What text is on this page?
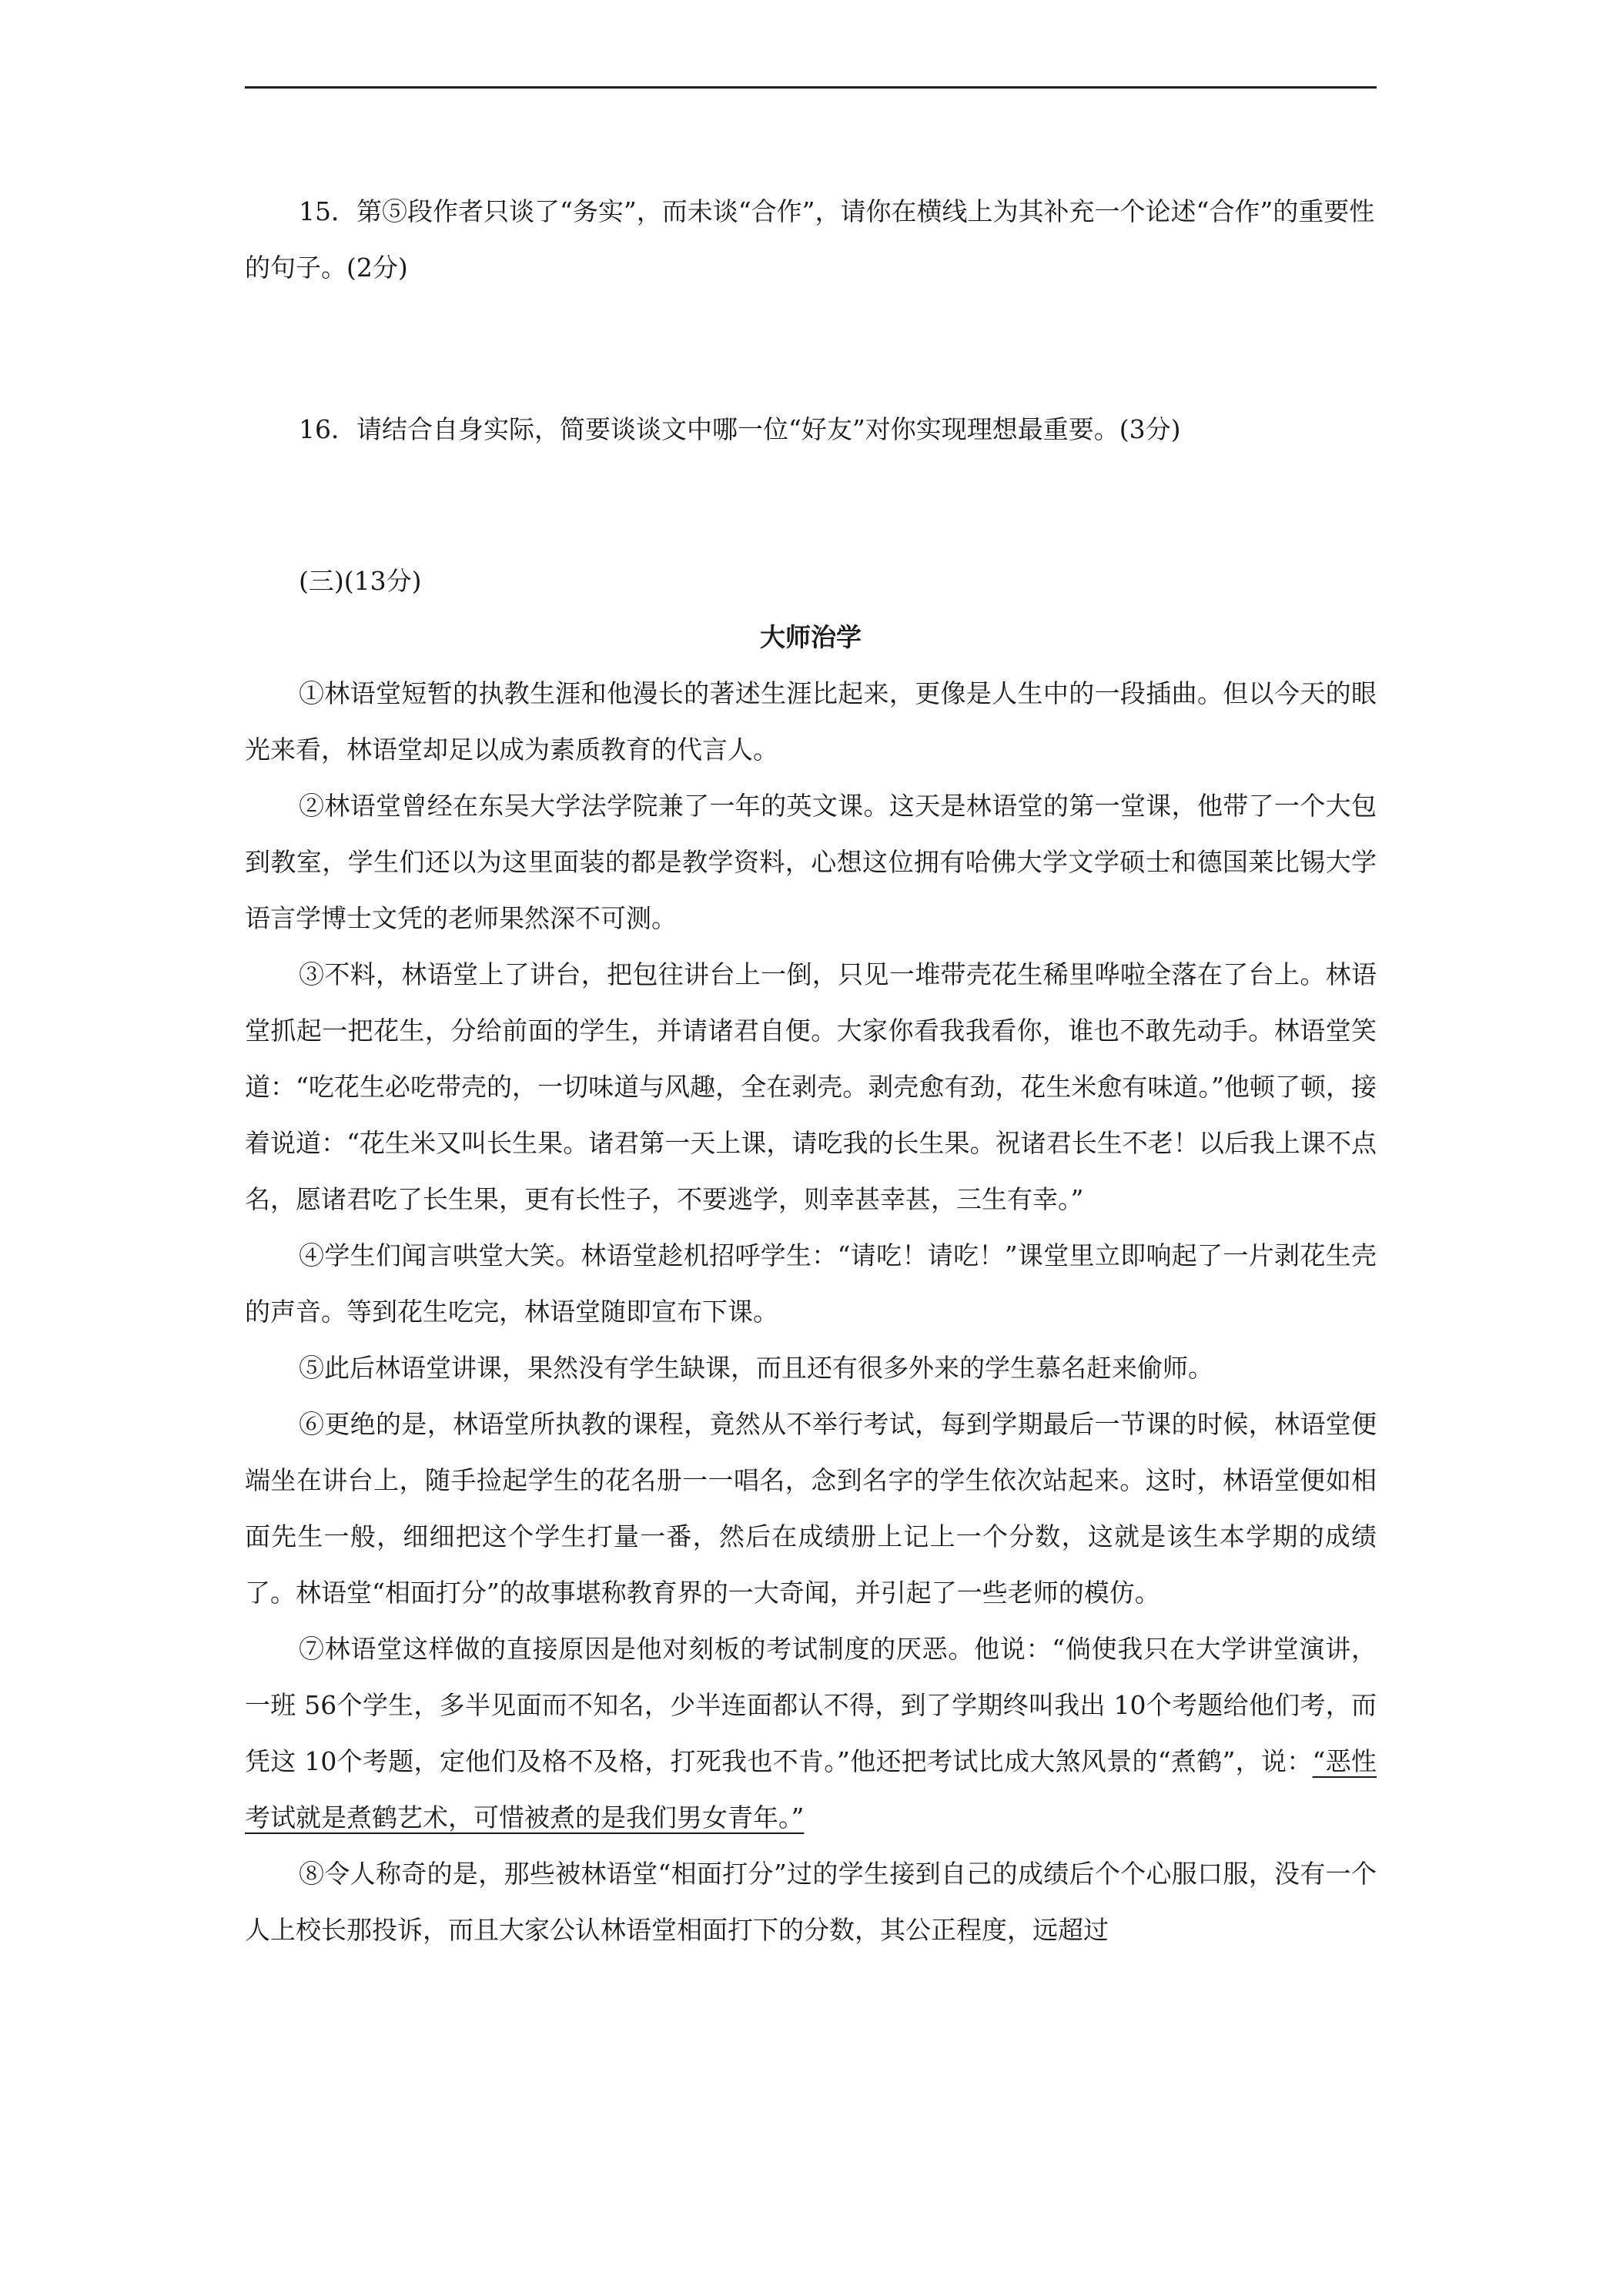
15．第⑤段作者只谈了“务实”，而未谈“合作”，请你在横线上为其补充一个论述“合作”的重要性的句子。(2分)

16．请结合自身实际，简要谈谈文中哪一位“好友”对你实现理想最重要。(3分)

(三)(13分)

大师治学

①林语堂短暂的执教生涯和他漫长的著述生涯比起来，更像是人生中的一段插曲。但以今天的眼光来看，林语堂却足以成为素质教育的代言人。

②林语堂曾经在东吴大学法学院兼了一年的英文课。这天是林语堂的第一堂课，他带了一个大包到教室，学生们还以为这里面装的都是教学资料，心想这位拥有哈佛大学文学硕士和德国莱比锡大学语言学博士文凭的老师果然深不可测。

③不料，林语堂上了讲台，把包往讲台上一倒，只见一堆带壳花生稀里哗啦全落在了台上。林语堂抓起一把花生，分给前面的学生，并请诸君自便。大家你看我我看你，谁也不敢先动手。林语堂笑道：“吃花生必吃带壳的，一切味道与风趣，全在剥壳。剥壳愈有劲，花生米愈有味道。”他顿了顿，接着说道：“花生米又叫长生果。诸君第一天上课，请吃我的长生果。祝诸君长生不老！以后我上课不点名，愿诸君吃了长生果，更有长性子，不要逃学，则幸甚幸甚，三生有幸。”

④学生们闻言哄堂大笑。林语堂趁机招呼学生：“请吃！请吃！”课堂里立即响起了一片剥花生壳的声音。等到花生吃完，林语堂随即宣布下课。

⑤此后林语堂讲课，果然没有学生缺课，而且还有很多外来的学生慕名赶来偷师。

⑥更绝的是，林语堂所执教的课程，竟然从不举行考试，每到学期最后一节课的时候，林语堂便端坐在讲台上，随手捡起学生的花名册一一唱名，念到名字的学生依次站起来。这时，林语堂便如相面先生一般，细细把这个学生打量一番，然后在成绩册上记上一个分数，这就是该生本学期的成绩了。林语堂“相面打分”的故事堪称教育界的一大奇闻，并引起了一些老师的模仿。

⑦林语堂这样做的直接原因是他对刻板的考试制度的厌恶。他说：“倘使我只在大学讲堂演讲，一班 56个学生，多半见面而不知名，少半连面都认不得，到了学期终叫我出 10个考题给他们考，而凭这 10个考题，定他们及格不及格，打死我也不肯。”他还把考试比成大煞风景的“煮鹤”，说：“恶性考试就是煮鹤艺术，可惜被煮的是我们男女青年。”

⑧令人称奇的是，那些被林语堂“相面打分”过的学生接到自己的成绩后个个心服口服，没有一个人上校长那投诉，而且大家公认林语堂相面打下的分数，其公正程度，远超过
